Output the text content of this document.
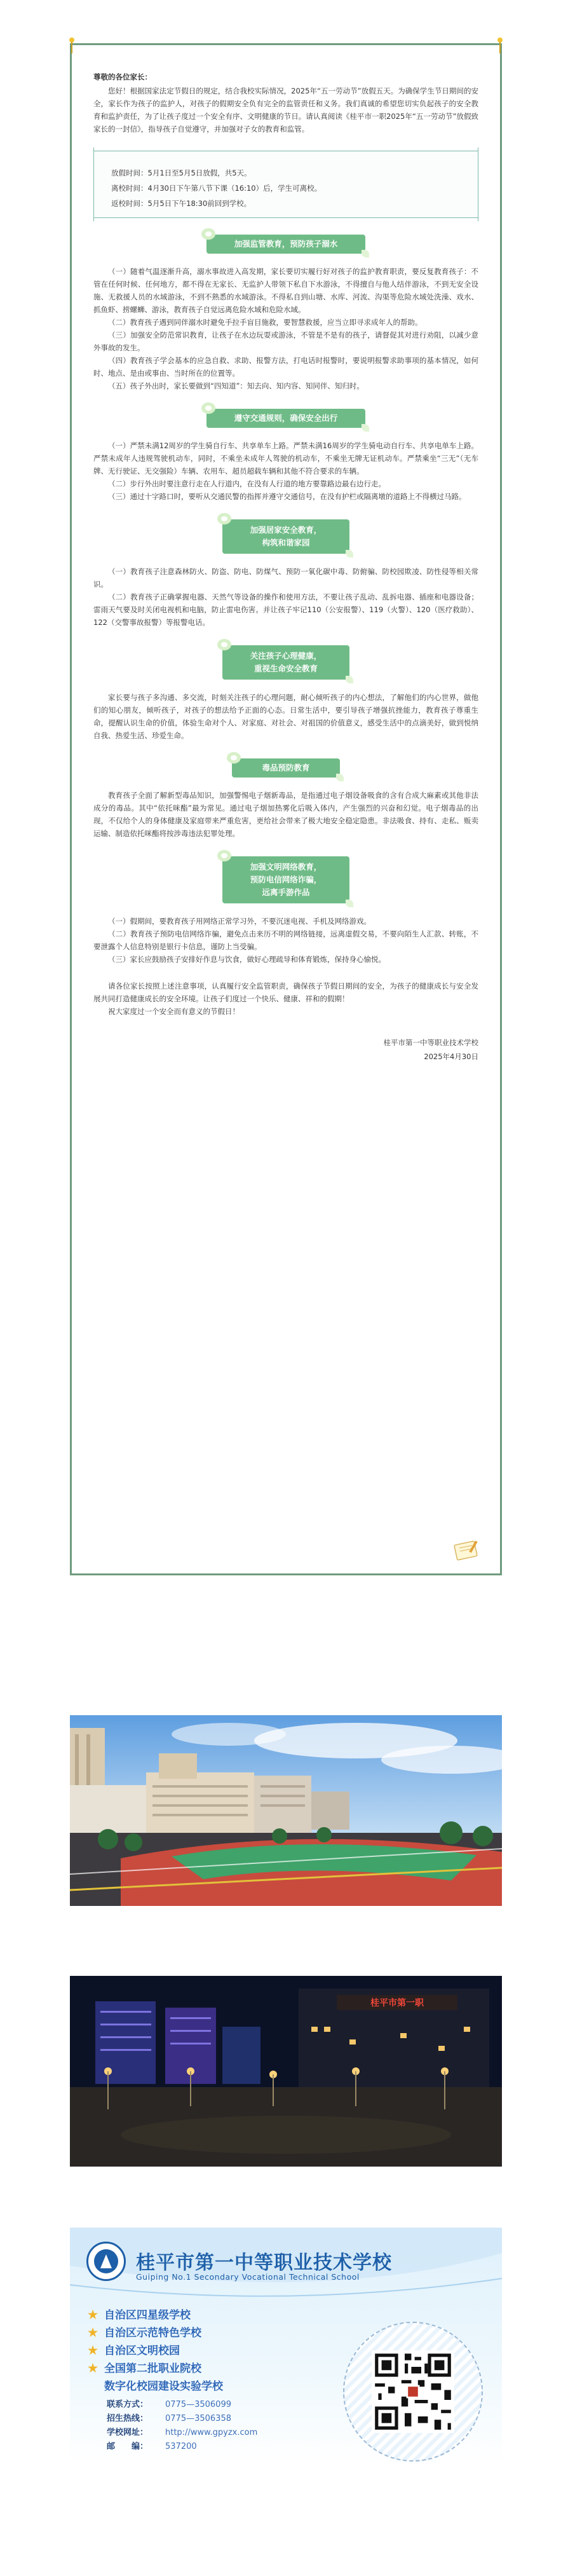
尊敬的各位家长：

您好！根据国家法定节假日的规定，结合我校实际情况，2025年“五一劳动节”放假五天。为确保学生节日期间的安全，家长作为孩子的监护人，对孩子的假期安全负有完全的监管责任和义务。我们真诚的希望您切实负起孩子的安全教育和监护责任，为了让孩子度过一个安全有序、文明健康的节日。请认真阅读《桂平市一职2025年“五一劳动节”放假致家长的一封信》，指导孩子自觉遵守，并加强对子女的教育和监管。

放假时间：5月1日至5月5日放假，共5天。
离校时间：4月30日下午第八节下课（16:10）后，学生可离校。
返校时间：5月5日下午18:30前回到学校。
加强监管教育，预防孩子溺水

（一）随着气温逐渐升高，溺水事故进入高发期，家长要切实履行好对孩子的监护教育职责，要反复教育孩子：不管在任何时候、任何地方，都不得在无家长、无监护人带领下私自下水游泳，不得擅自与他人结伴游泳，不到无安全设施、无救援人员的水域游泳，不到不熟悉的水域游泳。不得私自到山塘、水库、河流、沟渠等危险水域处洗澡、戏水、抓鱼虾、捞螺蛳、游泳，教育孩子自觉远离危险水域和危险水域。

（二）教育孩子遇到同伴溺水时避免手拉手盲目施救，要智慧救援，应当立即寻求成年人的帮助。

（三）加强安全防范常识教育，让孩子在水边玩耍或游泳，不管是不是有的孩子，请督促其对进行劝阻，以减少意外事故的发生。

（四）教育孩子学会基本的应急自救、求助、报警方法，打电话时报警时，要说明报警求助事项的基本情况，如何时、地点、是由或事由、当时所在的位置等。

（五）孩子外出时，家长要做到“四知道”：知去向、知内容、知同伴、知归时。

遵守交通规则，确保安全出行

（一）严禁未满12周岁的学生骑自行车、共享单车上路。严禁未满16周岁的学生骑电动自行车、共享电单车上路。严禁未成年人违规驾驶机动车，同时，不乘坐未成年人驾驶的机动车，不乘坐无牌无证机动车。严禁乘坐“三无”（无车牌、无行驶证、无交强险）车辆、农用车、超员超载车辆和其他不符合要求的车辆。

（二）步行外出时要注意行走在人行道内，在没有人行道的地方要靠路边最右边行走。

（三）通过十字路口时，要听从交通民警的指挥并遵守交通信号，在没有护栏或隔离墩的道路上不得横过马路。

加强居家安全教育，
构筑和谐家园

（一）教育孩子注意森林防火、防盗、防电、防煤气、预防一氧化碳中毒、防俯骗、防校园欺凌、防性侵等相关常识。

（二）教育孩子正确掌握电器、天然气等设备的操作和使用方法，不要让孩子乱动、乱拆电器、插座和电器设备；雷雨天气要及时关闭电视机和电脑，防止雷电伤害。并让孩子牢记110（公安报警）、119（火警）、120（医疗救助）、122（交警事故报警）等报警电话。

关注孩子心理健康，
重视生命安全教育

家长要与孩子多沟通、多交流，时刻关注孩子的心理问题，耐心倾听孩子的内心想法，了解他们的内心世界，做他们的知心朋友，倾听孩子，对孩子的想法给予正面的心态。日常生活中，要引导孩子增强抗挫能力，教育孩子尊重生命，提醒认识生命的价值，体验生命对个人、对家庭、对社会、对祖国的价值意义，感受生活中的点滴美好，做到悦纳自我、热爱生活、珍爱生命。

毒品预防教育

教育孩子全面了解新型毒品知识，加强警惕电子烟新毒品，是指通过电子烟设备吸食的含有合成大麻素或其他非法成分的毒品。其中“依托咪酯”最为常见。通过电子烟加热雾化后吸入体内，产生强烈的兴奋和幻觉。电子烟毒品的出现，不仅给个人的身体健康及家庭带来严重危害，更给社会带来了极大地安全稳定隐患。非法吸食、持有、走私、贩卖运输、制造依托咪酯将按涉毒违法犯罪处理。

加强文明网络教育，
预防电信网络诈骗，
远离手游作品

（一）假期间，要教育孩子用网络正常学习外，不要沉迷电视、手机及网络游戏。

（二）教育孩子预防电信网络诈骗，避免点击来历不明的网络链接，远离虚假交易，不要向陌生人汇款、转账，不要泄露个人信息特别是银行卡信息，谨防上当受骗。

（三）家长应鼓励孩子安排好作息与饮食，做好心理疏导和体育锻炼，保持身心愉悦。

请各位家长按照上述注意事项，认真履行安全监管职责，确保孩子节假日期间的安全，为孩子的健康成长与安全发展共同打造健康成长的安全环境。让孩子们度过一个快乐、健康、祥和的假期！

祝大家度过一个安全而有意义的节假日！

桂平市第一中等职业技术学校
2025年4月30日
桂平市第一职
桂平市第一中等职业技术学校
Guiping No.1 Secondary Vocational Technical School
★ 自治区四星级学校
★ 自治区示范特色学校
★ 自治区文明校园
★ 全国第二批职业院校
数字化校园建设实验学校
联系方式： 0775—3506099
招生热线： 0775—3506358
学校网址： http://www.gpyzx.com
邮　　编： 537200
